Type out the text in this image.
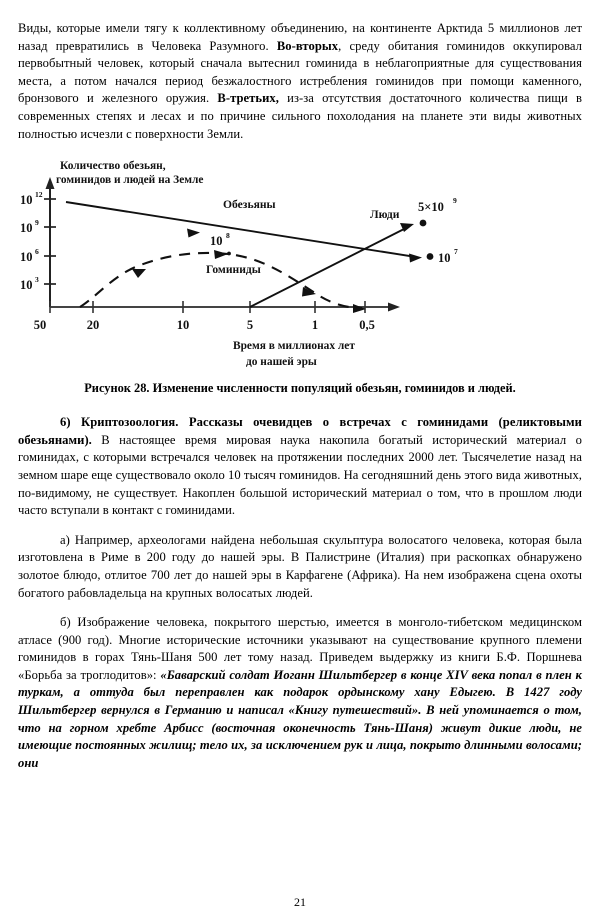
Виды, которые имели тягу к коллективному объединению, на континенте Арктида 5 миллионов лет назад превратились в Человека Разумного. Во-вторых, среду обитания гоминидов оккупировал первобытный человек, который сначала вытеснил гоминида в неблагоприятные для существования места, а потом начался период безжалостного истребления гоминидов при помощи каменного, бронзового и железного оружия. В-третьих, из-за отсутствия достаточного количества пищи в современных степях и лесах и по причине сильного похолодания на планете эти виды животных полностью исчезли с поверхности Земли.

Количество обезьян,
гоминидов и людей на Земле
10 12
10 9
10 6
10 3
50	20	10	5	1	0,5
Время в миллионах лет
до нашей эры
Обезьяны
Гоминиды
10 8
Люди
5×10 9
10 7
Рисунок 28. Изменение численности популяций обезьян, гоминидов и людей.

6) Криптозоология. Рассказы очевидцев о встречах с гоминидами (реликтовыми обезьянами). В настоящее время мировая наука накопила богатый исторический материал о гоминидах, с которыми встречался человек на протяжении последних 2000 лет. Тысячелетие назад на земном шаре еще существовало около 10 тысяч гоминидов. На сегодняшний день этого вида животных, по-видимому, не существует. Накоплен большой исторический материал о том, что в прошлом люди часто вступали в контакт с гоминидами.

а) Например, археологами найдена небольшая скульптура волосатого человека, которая была изготовлена в Риме в 200 году до нашей эры. В Палистрине (Италия) при раскопках обнаружено золотое блюдо, отлитое 700 лет до нашей эры в Карфагене (Африка). На нем изображена сцена охоты богатого рабовладельца на крупных волосатых людей.

б) Изображение человека, покрытого шерстью, имеется в монголо-тибетском медицинском атласе (900 год). Многие исторические источники указывают на существование крупного племени гоминидов в горах Тянь-Шаня 500 лет тому назад. Приведем выдержку из книги Б.Ф. Поршнева «Борьба за троглодитов»: «Баварский солдат Иоганн Шильтбергер в конце XIV века попал в плен к туркам, а оттуда был переправлен как подарок ордынскому хану Едыгею. В 1427 году Шильтбергер вернулся в Германию и написал «Книгу путешествий». В ней упоминается о том, что на горном хребте Арбисс (восточная оконечность Тянь-Шаня) живут дикие люди, не имеющие постоянных жилищ; тело их, за исключением рук и лица, покрыто длинными волосами; они

21
